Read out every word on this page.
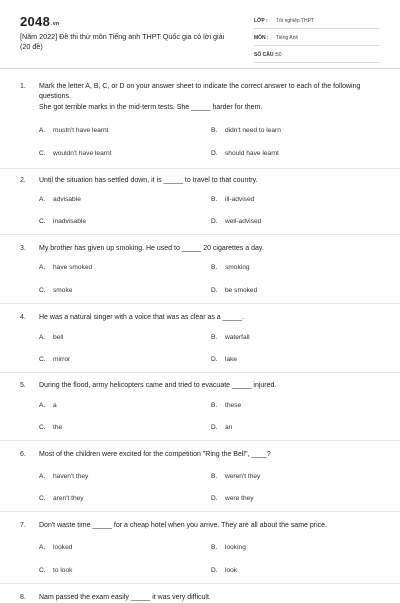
$2048_{.vn}$
[Năm 2022] Đề thi thử môn Tiếng anh THPT Quốc gia có lời giải (20 đề)
LỚP : Tốt nghiệp THPT
MÔN : Tiếng Anh
SỐ CÂU : 50
1. Mark the letter A, B, C, or D on your answer sheet to indicate the correct answer to each of the following questions.
She got terrible marks in the mid-term tests. She _____ harder for them.
A. mustn't have learnt	B. didn't need to learn
C. wouldn't have learnt	D. should have learnt
2. Until the situation has settled down, it is _____ to travel to that country.
A. advisable	B. ill-advised
C. inadvisable	D. well-advised
3. My brother has given up smoking. He used to _____ 20 cigarettes a day.
A. have smoked	B. smoking
C. smoke	D. be smoked
4. He was a natural singer with a voice that was as clear as a _____.
A. bell	B. waterfall
C. mirror	D. lake
5. During the flood, army helicopters came and tried to evacuate _____ injured.
A. a	B. these
C. the	D. an
6. Most of the children were excited for the competition "Ring the Bell", ____?
A. haven't they	B. weren't they
C. aren't they	D. were they
7. Don't waste time _____ for a cheap hotel when you arrive. They are all about the same price.
A. looked	B. looking
C. to look	D. look
8. Nam passed the exam easily _____ it was very difficult.
